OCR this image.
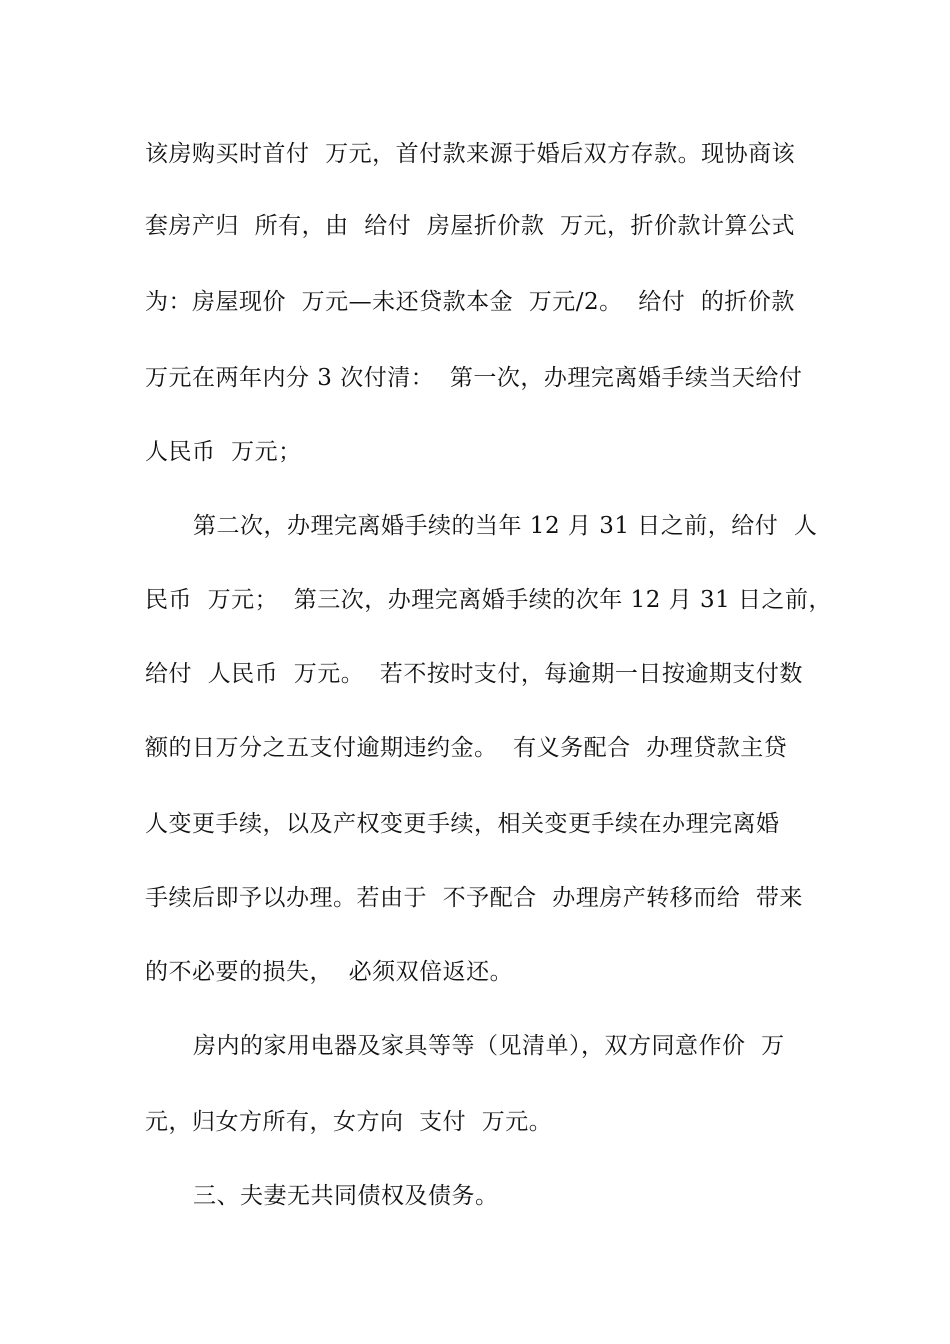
该房购买时首付  万元，首付款来源于婚后双方存款。现协商该
套房产归  所有，由  给付  房屋折价款  万元，折价款计算公式
为：房屋现价  万元—未还贷款本金  万元/2。  给付  的折价款
万元在两年内分 3 次付清：  第一次，办理完离婚手续当天给付
人民币  万元；
第二次，办理完离婚手续的当年 12 月 31 日之前，给付  人
民币  万元；  第三次，办理完离婚手续的次年 12 月 31 日之前，
给付  人民币  万元。  若不按时支付，每逾期一日按逾期支付数
额的日万分之五支付逾期违约金。  有义务配合  办理贷款主贷
人变更手续，以及产权变更手续，相关变更手续在办理完离婚
手续后即予以办理。若由于  不予配合  办理房产转移而给  带来
的不必要的损失，  必须双倍返还。
房内的家用电器及家具等等（见清单），双方同意作价  万
元，归女方所有，女方向  支付  万元。
三、夫妻无共同债权及债务。
